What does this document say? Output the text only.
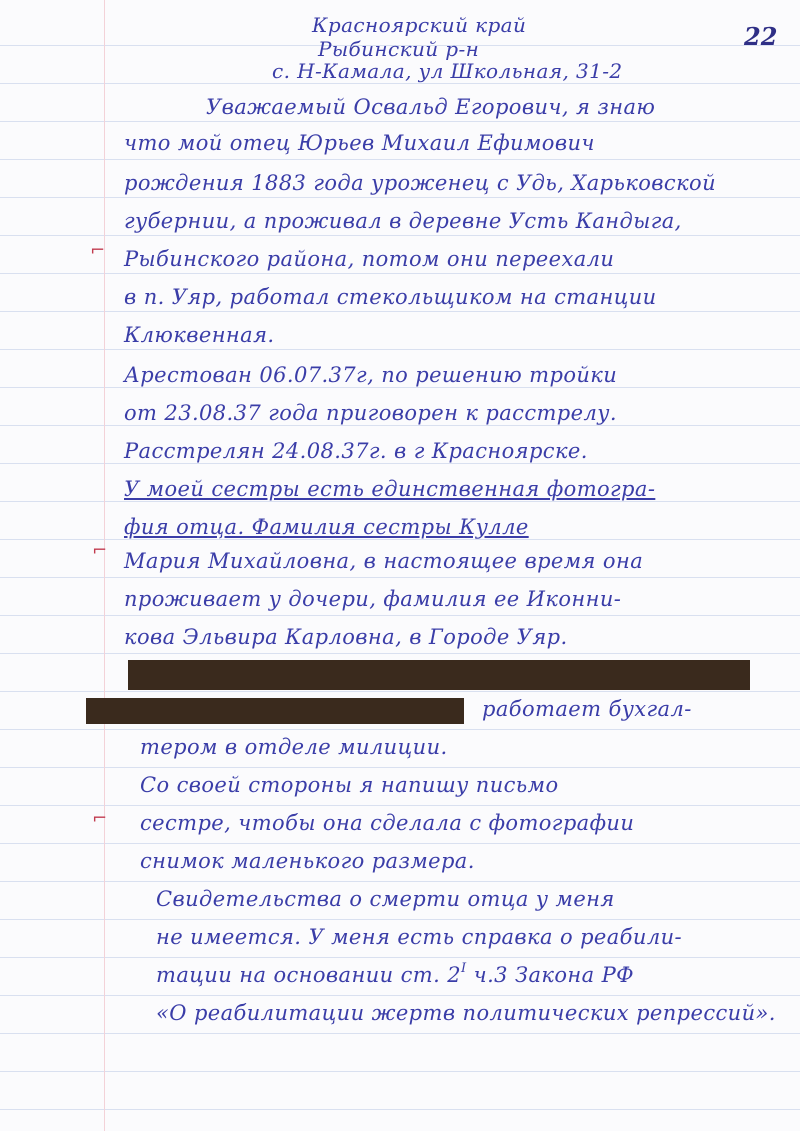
Красноярский край
Рыбинский р-н
с. Н-Камала, ул Школьная, 31-2
22
Уважаемый Освальд Егорович, я знаю
что мой отец Юрьев Михаил Ефимович
рождения 1883 года уроженец с Удь, Харьковской
губернии, а проживал в деревне Усть Кандыга,
⌐ Рыбинского района, потом они переехали
в п. Уяр, работал стекольщиком на станции
Клюквенная.
Арестован 06.07.37г, по решению тройки
от 23.08.37 года приговорен к расстрелу.
Расстрелян 24.08.37г. в г Красноярске.
У моей сестры есть единственная фотогра-
фия отца. Фамилия сестры Кулле
⌐ Мария Михайловна, в настоящее время она
проживает у дочери, фамилия ее Иконни-
кова Эльвира Карловна, в Городе Уяр.
работает бухгал-
тером в отделе милиции.
Со своей стороны я напишу письмо
⌐ сестре, чтобы она сделала с фотографии
снимок маленького размера.
Свидетельства о смерти отца у меня
не имеется. У меня есть справка о реабили-
тации на основании ст. $2^I$ ч.3 Закона РФ
«О реабилитации жертв политических репрессий».
